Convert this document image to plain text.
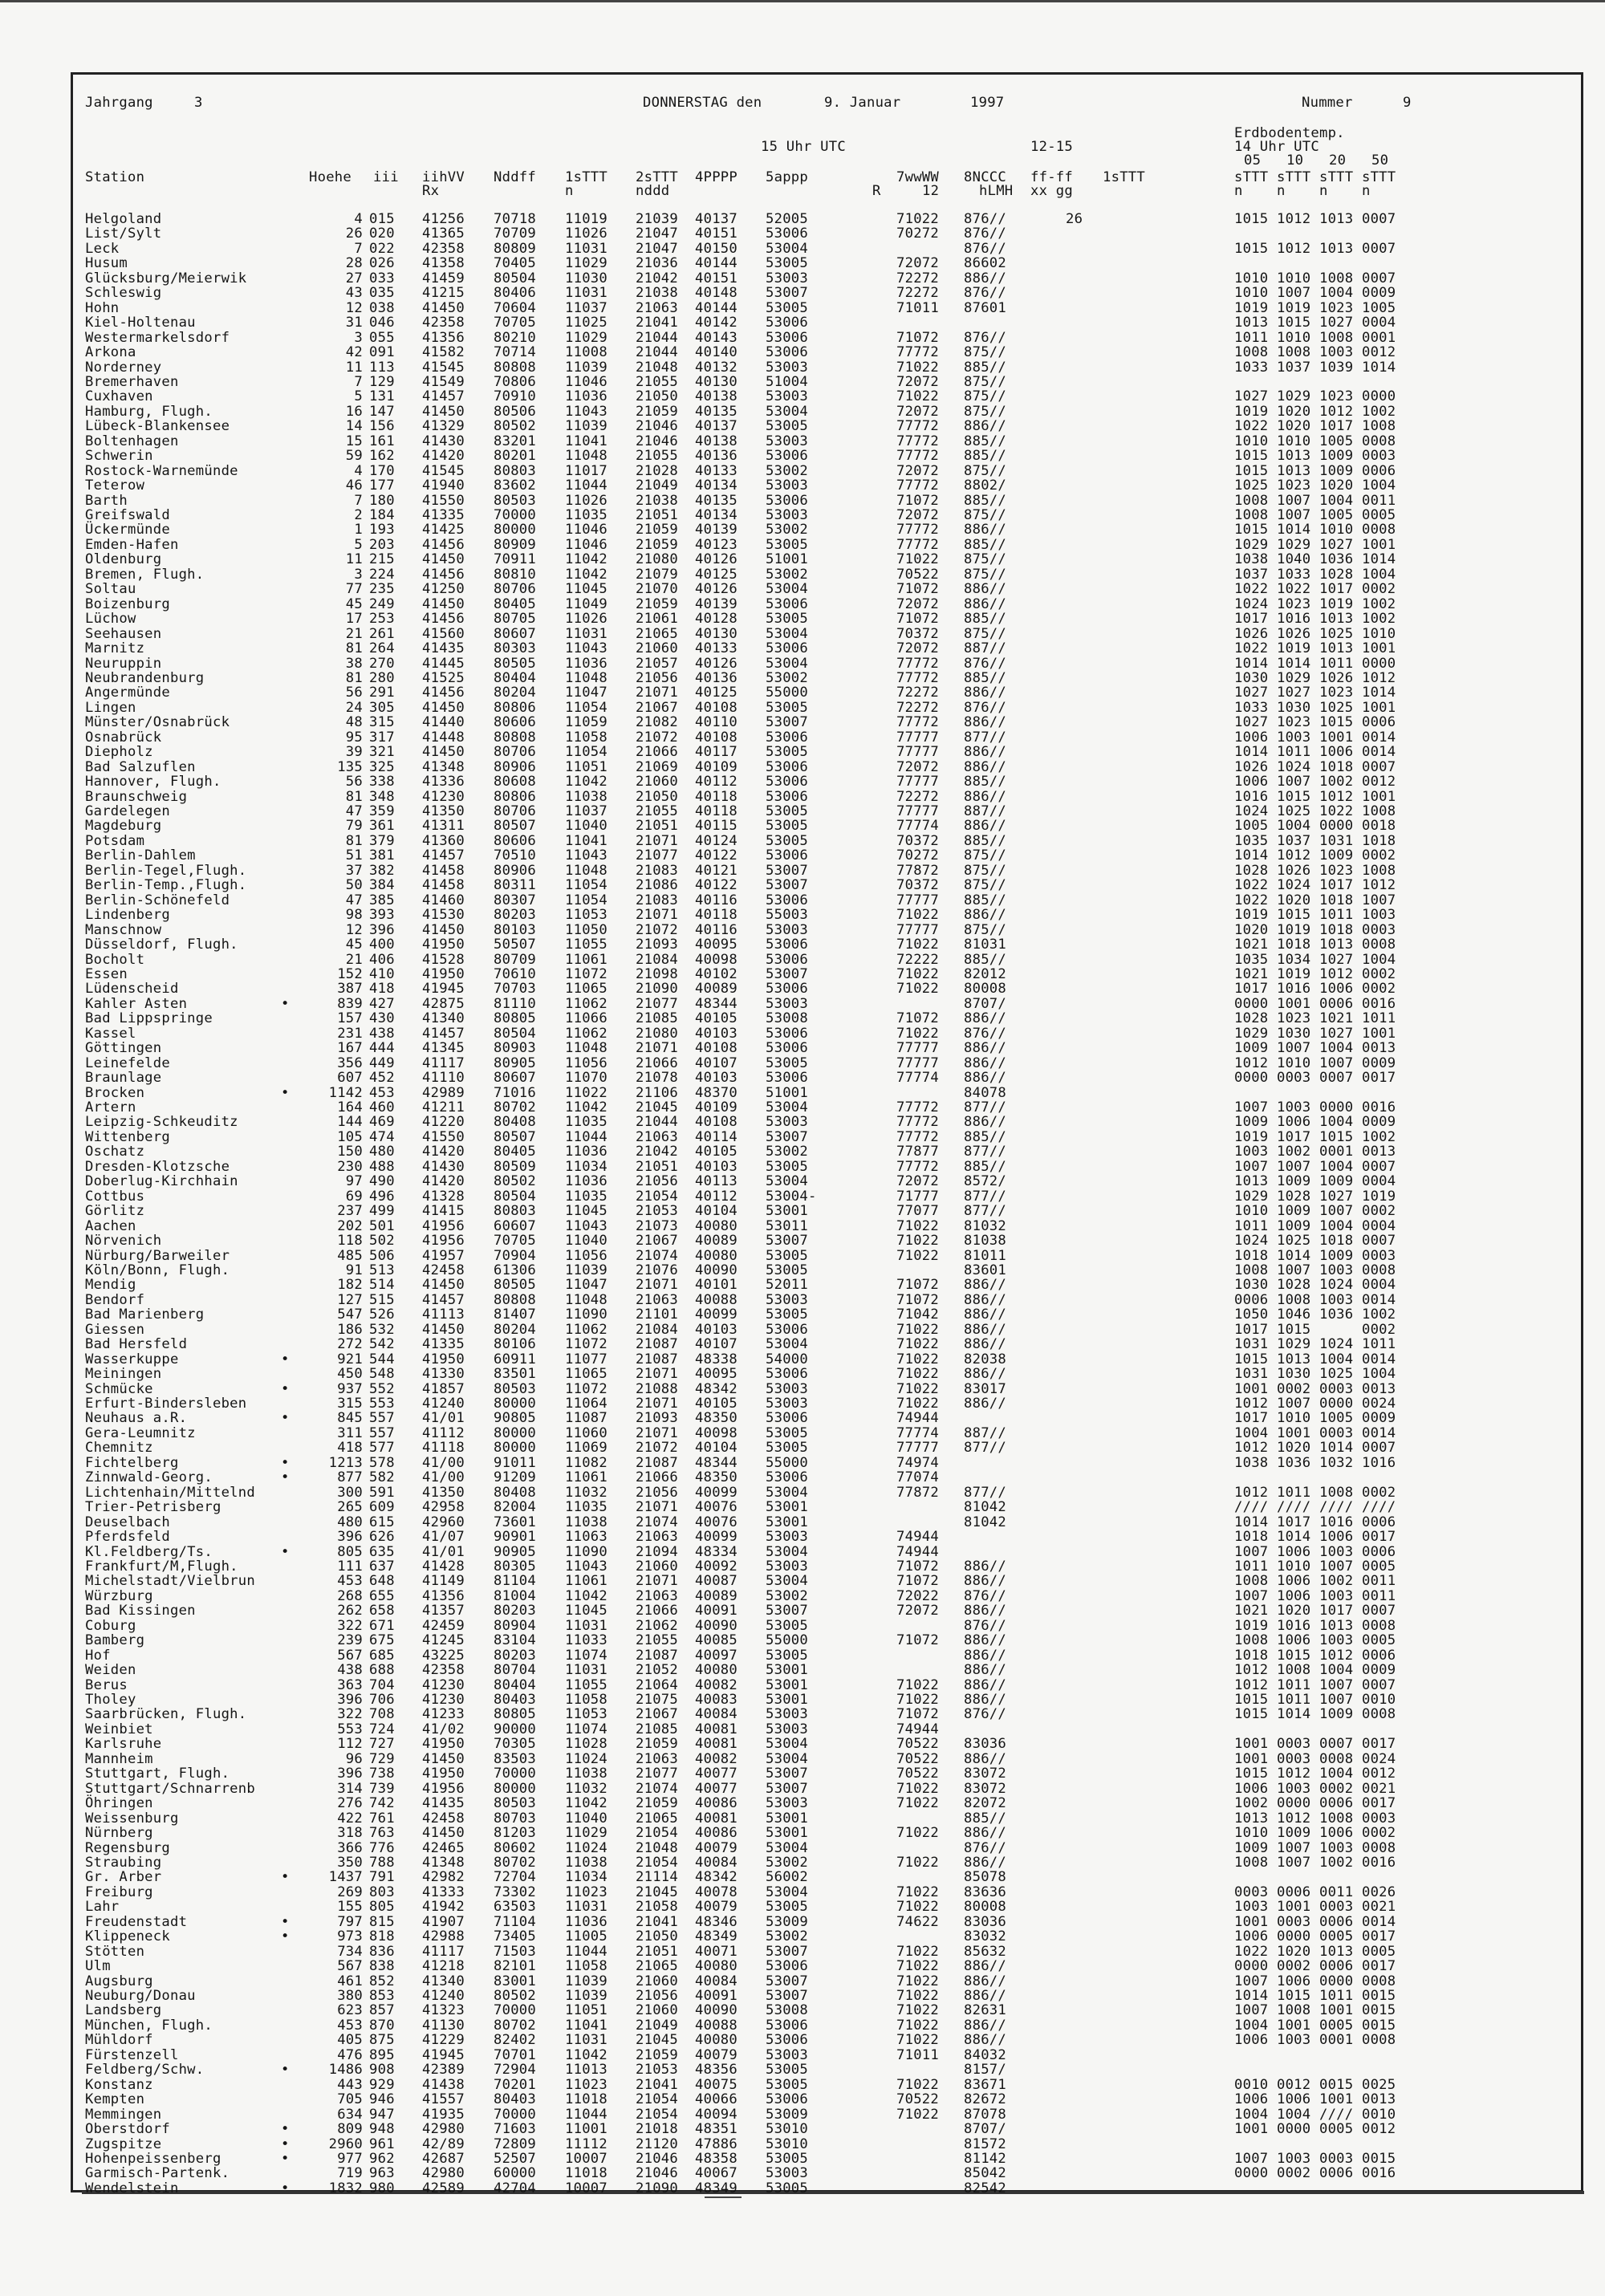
Jahrgang	3	DONNERSTAG den	9. Januar	1997	Nummer	9
Erdbodentemp.
14 Uhr UTC
15 Uhr UTC	12-15
05   10   20   50
Station	Hoehe iii iihVV Nddff 1sTTT 2sTTT 4PPPP 5appp	7wwWW 8NCCC ff-ff 1sTTT	sTTT sTTT sTTT sTTT
Rx	n	nddd	R	12	hLMH xx gg	n    n    n    n
Helgoland	4 015 41256 70718 11019 21039 40137 52005	71022 876//	26	1015 1012 1013 0007
List/Sylt	26 020 41365 70709 11026 21047 40151 53006	70272 876//
Leck	7 022 42358 80809 11031 21047 40150 53004	876//	1015 1012 1013 0007
Husum	28 026 41358 70405 11029 21036 40144 53005	72072 86602
Glücksburg/Meierwik	27 033 41459 80504 11030 21042 40151 53003	72272 886//	1010 1010 1008 0007
Schleswig	43 035 41215 80406 11031 21038 40148 53007	72272 876//	1010 1007 1004 0009
Hohn	12 038 41450 70604 11037 21063 40144 53005	71011 87601	1019 1019 1023 1005
Kiel-Holtenau	31 046 42358 70705 11025 21041 40142 53006	1013 1015 1027 0004
Westermarkelsdorf	3 055 41356 80210 11029 21044 40143 53006	71072 876//	1011 1010 1008 0001
Arkona	42 091 41582 70714 11008 21044 40140 53006	77772 875//	1008 1008 1003 0012
Norderney	11 113 41545 80808 11039 21048 40132 53003	71022 885//	1033 1037 1039 1014
Bremerhaven	7 129 41549 70806 11046 21055 40130 51004	72072 875//
Cuxhaven	5 131 41457 70910 11036 21050 40138 53003	71022 875//	1027 1029 1023 0000
Hamburg, Flugh.	16 147 41450 80506 11043 21059 40135 53004	72072 875//	1019 1020 1012 1002
Lübeck-Blankensee	14 156 41329 80502 11039 21046 40137 53005	77772 886//	1022 1020 1017 1008
Boltenhagen	15 161 41430 83201 11041 21046 40138 53003	77772 885//	1010 1010 1005 0008
Schwerin	59 162 41420 80201 11048 21055 40136 53006	77772 885//	1015 1013 1009 0003
Rostock-Warnemünde	4 170 41545 80803 11017 21028 40133 53002	72072 875//	1015 1013 1009 0006
Teterow	46 177 41940 83602 11044 21049 40134 53003	77772 8802/	1025 1023 1020 1004
Barth	7 180 41550 80503 11026 21038 40135 53006	71072 885//	1008 1007 1004 0011
Greifswald	2 184 41335 70000 11035 21051 40134 53003	72072 875//	1008 1007 1005 0005
Ückermünde	1 193 41425 80000 11046 21059 40139 53002	77772 886//	1015 1014 1010 0008
Emden-Hafen	5 203 41456 80909 11046 21059 40123 53005	77772 885//	1029 1029 1027 1001
Oldenburg	11 215 41450 70911 11042 21080 40126 51001	71022 875//	1038 1040 1036 1014
Bremen, Flugh.	3 224 41456 80810 11042 21079 40125 53002	70522 875//	1037 1033 1028 1004
Soltau	77 235 41250 80706 11045 21070 40126 53004	71072 886//	1022 1022 1017 0002
Boizenburg	45 249 41450 80405 11049 21059 40139 53006	72072 886//	1024 1023 1019 1002
Lüchow	17 253 41456 80705 11026 21061 40128 53005	71072 885//	1017 1016 1013 1002
Seehausen	21 261 41560 80607 11031 21065 40130 53004	70372 875//	1026 1026 1025 1010
Marnitz	81 264 41435 80303 11043 21060 40133 53006	72072 887//	1022 1019 1013 1001
Neuruppin	38 270 41445 80505 11036 21057 40126 53004	77772 876//	1014 1014 1011 0000
Neubrandenburg	81 280 41525 80404 11048 21056 40136 53002	77772 885//	1030 1029 1026 1012
Angermünde	56 291 41456 80204 11047 21071 40125 55000	72272 886//	1027 1027 1023 1014
Lingen	24 305 41450 80806 11054 21067 40108 53005	72272 876//	1033 1030 1025 1001
Münster/Osnabrück	48 315 41440 80606 11059 21082 40110 53007	77772 886//	1027 1023 1015 0006
Osnabrück	95 317 41448 80808 11058 21072 40108 53006	77777 877//	1006 1003 1001 0014
Diepholz	39 321 41450 80706 11054 21066 40117 53005	77777 886//	1014 1011 1006 0014
Bad Salzuflen	135 325 41348 80906 11051 21069 40109 53006	72072 886//	1026 1024 1018 0007
Hannover, Flugh.	56 338 41336 80608 11042 21060 40112 53006	77777 885//	1006 1007 1002 0012
Braunschweig	81 348 41230 80806 11038 21050 40118 53006	72272 886//	1016 1015 1012 1001
Gardelegen	47 359 41350 80706 11037 21055 40118 53005	77777 887//	1024 1025 1022 1008
Magdeburg	79 361 41311 80507 11040 21051 40115 53005	77774 886//	1005 1004 0000 0018
Potsdam	81 379 41360 80606 11041 21071 40124 53005	70372 885//	1035 1037 1031 1018
Berlin-Dahlem	51 381 41457 70510 11043 21077 40122 53006	70272 875//	1014 1012 1009 0002
Berlin-Tegel,Flugh.	37 382 41458 80906 11048 21083 40121 53007	77872 875//	1028 1026 1023 1008
Berlin-Temp.,Flugh.	50 384 41458 80311 11054 21086 40122 53007	70372 875//	1022 1024 1017 1012
Berlin-Schönefeld	47 385 41460 80307 11054 21083 40116 53006	77777 885//	1022 1020 1018 1007
Lindenberg	98 393 41530 80203 11053 21071 40118 55003	71022 886//	1019 1015 1011 1003
Manschnow	12 396 41450 80103 11050 21072 40116 53003	77777 875//	1020 1019 1018 0003
Düsseldorf, Flugh.	45 400 41950 50507 11055 21093 40095 53006	71022 81031	1021 1018 1013 0008
Bocholt	21 406 41528 80709 11061 21084 40098 53006	72222 885//	1035 1034 1027 1004
Essen	152 410 41950 70610 11072 21098 40102 53007	71022 82012	1021 1019 1012 0002
Lüdenscheid	387 418 41945 70703 11065 21090 40089 53006	71022 80008	1017 1016 1006 0002
Kahler Asten	•	839 427 42875 81110 11062 21077 48344 53003	8707/	0000 1001 0006 0016
Bad Lippspringe	157 430 41340 80805 11066 21085 40105 53008	71072 886//	1028 1023 1021 1011
Kassel	231 438 41457 80504 11062 21080 40103 53006	71022 876//	1029 1030 1027 1001
Göttingen	167 444 41345 80903 11048 21071 40108 53006	77777 886//	1009 1007 1004 0013
Leinefelde	356 449 41117 80905 11056 21066 40107 53005	77777 886//	1012 1010 1007 0009
Braunlage	607 452 41110 80607 11070 21078 40103 53006	77774 886//	0000 0003 0007 0017
Brocken	•	1142 453 42989 71016 11022 21106 48370 51001	84078
Artern	164 460 41211 80702 11042 21045 40109 53004	77772 877//	1007 1003 0000 0016
Leipzig-Schkeuditz	144 469 41220 80408 11035 21044 40108 53003	77772 886//	1009 1006 1004 0009
Wittenberg	105 474 41550 80507 11044 21063 40114 53007	77772 885//	1019 1017 1015 1002
Oschatz	150 480 41420 80405 11036 21042 40105 53002	77877 877//	1003 1002 0001 0013
Dresden-Klotzsche	230 488 41430 80509 11034 21051 40103 53005	77772 885//	1007 1007 1004 0007
Doberlug-Kirchhain	97 490 41420 80502 11036 21056 40113 53004	72072 8572/	1013 1009 1009 0004
Cottbus	69 496 41328 80504 11035 21054 40112 53004-	71777 877//	1029 1028 1027 1019
Görlitz	237 499 41415 80803 11045 21053 40104 53001	77077 877//	1010 1009 1007 0002
Aachen	202 501 41956 60607 11043 21073 40080 53011	71022 81032	1011 1009 1004 0004
Nörvenich	118 502 41956 70705 11040 21067 40089 53007	71022 81038	1024 1025 1018 0007
Nürburg/Barweiler	485 506 41957 70904 11056 21074 40080 53005	71022 81011	1018 1014 1009 0003
Köln/Bonn, Flugh.	91 513 42458 61306 11039 21076 40090 53005	83601	1008 1007 1003 0008
Mendig	182 514 41450 80505 11047 21071 40101 52011	71072 886//	1030 1028 1024 0004
Bendorf	127 515 41457 80808 11048 21063 40088 53003	71072 886//	0006 1008 1003 0014
Bad Marienberg	547 526 41113 81407 11090 21101 40099 53005	71042 886//	1050 1046 1036 1002
Giessen	186 532 41450 80204 11062 21084 40103 53006	71022 886//	1017 1015      0002
Bad Hersfeld	272 542 41335 80106 11072 21087 40107 53004	71022 886//	1031 1029 1024 1011
Wasserkuppe	•	921 544 41950 60911 11077 21087 48338 54000	71022 82038	1015 1013 1004 0014
Meiningen	450 548 41330 83501 11065 21071 40095 53006	71022 886//	1031 1030 1025 1004
Schmücke	•	937 552 41857 80503 11072 21088 48342 53003	71022 83017	1001 0002 0003 0013
Erfurt-Bindersleben	315 553 41240 80000 11064 21071 40105 53003	71022 886//	1012 1007 0000 0024
Neuhaus a.R.	•	845 557 41/01 90805 11087 21093 48350 53006	74944	1017 1010 1005 0009
Gera-Leumnitz	311 557 41112 80000 11060 21071 40098 53005	77774 887//	1004 1001 0003 0014
Chemnitz	418 577 41118 80000 11069 21072 40104 53005	77777 877//	1012 1020 1014 0007
Fichtelberg	•	1213 578 41/00 91011 11082 21087 48344 55000	74974	1038 1036 1032 1016
Zinnwald-Georg.	•	877 582 41/00 91209 11061 21066 48350 53006	77074
Lichtenhain/Mittelnd	300 591 41350 80408 11032 21056 40099 53004	77872 877//	1012 1011 1008 0002
Trier-Petrisberg	265 609 42958 82004 11035 21071 40076 53001	81042	//// //// //// ////
Deuselbach	480 615 42960 73601 11038 21074 40076 53001	81042	1014 1017 1016 0006
Pferdsfeld	396 626 41/07 90901 11063 21063 40099 53003	74944	1018 1014 1006 0017
Kl.Feldberg/Ts.	•	805 635 41/01 90905 11090 21094 48334 53004	74944	1007 1006 1003 0006
Frankfurt/M,Flugh.	111 637 41428 80305 11043 21060 40092 53003	71072 886//	1011 1010 1007 0005
Michelstadt/Vielbrun	453 648 41149 81104 11061 21071 40087 53004	71072 886//	1008 1006 1002 0011
Würzburg	268 655 41356 81004 11042 21063 40089 53002	72022 876//	1007 1006 1003 0011
Bad Kissingen	262 658 41357 80203 11045 21066 40091 53007	72072 886//	1021 1020 1017 0007
Coburg	322 671 42459 80904 11031 21062 40090 53005	876//	1019 1016 1013 0008
Bamberg	239 675 41245 83104 11033 21055 40085 55000	71072 886//	1008 1006 1003 0005
Hof	567 685 43225 80203 11074 21087 40097 53005	886//	1018 1015 1012 0006
Weiden	438 688 42358 80704 11031 21052 40080 53001	886//	1012 1008 1004 0009
Berus	363 704 41230 80404 11055 21064 40082 53001	71022 886//	1012 1011 1007 0007
Tholey	396 706 41230 80403 11058 21075 40083 53001	71022 886//	1015 1011 1007 0010
Saarbrücken, Flugh.	322 708 41233 80805 11053 21067 40084 53003	71072 876//	1015 1014 1009 0008
Weinbiet	553 724 41/02 90000 11074 21085 40081 53003	74944
Karlsruhe	112 727 41950 70305 11028 21059 40081 53004	70522 83036	1001 0003 0007 0017
Mannheim	96 729 41450 83503 11024 21063 40082 53004	70522 886//	1001 0003 0008 0024
Stuttgart, Flugh.	396 738 41950 70000 11038 21077 40077 53007	70522 83072	1015 1012 1004 0012
Stuttgart/Schnarrenb	314 739 41956 80000 11032 21074 40077 53007	71022 83072	1006 1003 0002 0021
Öhringen	276 742 41435 80503 11042 21059 40086 53003	71022 82072	1002 0000 0006 0017
Weissenburg	422 761 42458 80703 11040 21065 40081 53001	885//	1013 1012 1008 0003
Nürnberg	318 763 41450 81203 11029 21054 40086 53001	71022 886//	1010 1009 1006 0002
Regensburg	366 776 42465 80602 11024 21048 40079 53004	876//	1009 1007 1003 0008
Straubing	350 788 41348 80702 11038 21054 40084 53002	71022 886//	1008 1007 1002 0016
Gr. Arber	•	1437 791 42982 72704 11034 21114 48342 56002	85078
Freiburg	269 803 41333 73302 11023 21045 40078 53004	71022 83636	0003 0006 0011 0026
Lahr	155 805 41942 63503 11031 21058 40079 53005	71022 80008	1003 1001 0003 0021
Freudenstadt	•	797 815 41907 71104 11036 21041 48346 53009	74622 83036	1001 0003 0006 0014
Klippeneck	•	973 818 42988 73405 11005 21050 48349 53002	83032	1006 0000 0005 0017
Stötten	734 836 41117 71503 11044 21051 40071 53007	71022 85632	1022 1020 1013 0005
Ulm	567 838 41218 82101 11058 21065 40080 53006	71022 886//	0000 0002 0006 0017
Augsburg	461 852 41340 83001 11039 21060 40084 53007	71022 886//	1007 1006 0000 0008
Neuburg/Donau	380 853 41240 80502 11039 21056 40091 53007	71022 886//	1014 1015 1011 0015
Landsberg	623 857 41323 70000 11051 21060 40090 53008	71022 82631	1007 1008 1001 0015
München, Flugh.	453 870 41130 80702 11041 21049 40088 53006	71022 886//	1004 1001 0005 0015
Mühldorf	405 875 41229 82402 11031 21045 40080 53006	71022 886//	1006 1003 0001 0008
Fürstenzell	476 895 41945 70701 11042 21059 40079 53003	71011 84032
Feldberg/Schw.	•	1486 908 42389 72904 11013 21053 48356 53005	8157/
Konstanz	443 929 41438 70201 11023 21041 40075 53005	71022 83671	0010 0012 0015 0025
Kempten	705 946 41557 80403 11018 21054 40066 53006	70522 82672	1006 1006 1001 0013
Memmingen	634 947 41935 70000 11044 21054 40094 53009	71022 87078	1004 1004 //// 0010
Oberstdorf	•	809 948 42980 71603 11001 21018 48351 53010	8707/	1001 0000 0005 0012
Zugspitze	•	2960 961 42/89 72809 11112 21120 47886 53010	81572
Hohenpeissenberg	•	977 962 42687 52507 10007 21046 48358 53005	81142	1007 1003 0003 0015
Garmisch-Partenk.	719 963 42980 60000 11018 21046 40067 53003	85042	0000 0002 0006 0016
Wendelstein	•	1832 980 42589 42704 10007 21090 48349 53005	82542
